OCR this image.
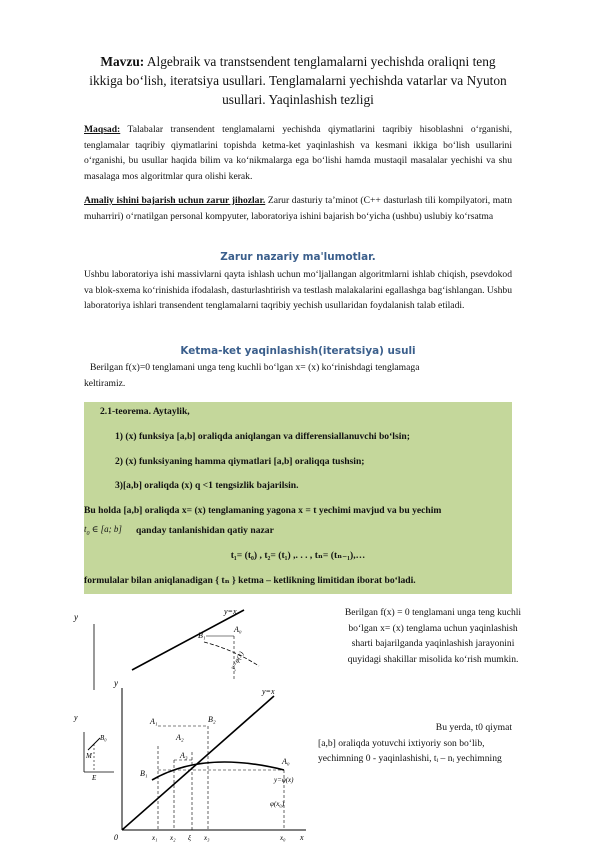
Mavzu: Algebraik va transtsendent tenglamalarni yechishda oraliqni teng ikkiga bo‘lish, iteratsiya usullari. Tenglamalarni yechishda vatarlar va Nyuton usullari. Yaqinlashish tezligi
Maqsad: Talabalar transendent tenglamalarni yechishda qiymatlarini taqribiy hisoblashni o‘rganishi, tenglamalar taqribiy qiymatlarini topishda ketma-ket yaqinlashish va kesmani ikkiga bo‘lish usullarini o‘rganishi, bu usullar haqida bilim va ko‘nikmalarga ega bo‘lishi hamda mustaqil masalalar yechishi va shu masalaga mos algoritmlar qura olishi kerak.
Amaliy ishini bajarish uchun zarur jihozlar. Zarur dasturiy ta’minot (C++ dasturlash tili kompilyatori, matn muharriri) o‘rnatilgan personal kompyuter, laboratoriya ishini bajarish bo‘yicha (ushbu) uslubiy ko‘rsatma
Zarur nazariy ma'lumotlar.
Ushbu laboratoriya ishi massivlarni qayta ishlash uchun mo‘ljallangan algoritmlarni ishlab chiqish, psevdokod va blok-sxema ko‘rinishida ifodalash, dasturlashtirish va testlash malakalarini egallashga bag‘ishlangan. Ushbu laboratoriya ishlari transendent tenglamalarni taqribiy yechish usullaridan foydalanish talab etiladi.
Ketma-ket yaqinlashish(iteratsiya) usuli
Berilgan f(x)=0 tenglamani unga teng kuchli bo‘lgan x= (x) ko‘rinishdagi tenglamaga
keltiramiz.
2.1-teorema. Aytaylik,
1) (x) funksiya [a,b] oraliqda aniqlangan va differensiallanuvchi bo‘lsin;
2) (x) funksiyaning hamma qiymatlari [a,b] oraliqqa tushsin;
3)[a,b] oraliqda (x) q <1 tengsizlik bajarilsin.
Bu holda [a,b] oraliqda x= (x) tenglamaning yagona x = t yechimi mavjud va bu yechim
$t_0$ ∈ [a; b] qanday tanlanishidan qatiy nazar
t₁= (t₀) , t₂= (t₁) ,. . . , tₙ= (tₙ₋₁),…
formulalar bilan aniqlanadigan { tₙ } ketma – ketlikning limitidan iborat bo‘ladi.
y
y=x
B₁
A₀
y=φ(x)
y
B₀
M
E
y
y=x
A₁	B₂
A₂
A₃
B₁
A₀
y=φ(x)
φ(x₀)
0	x₁ x₂ ξ x₃	x₀ x
Berilgan f(x) = 0 tenglamani unga teng kuchli
bo‘lgan x= (x) tenglama uchun yaqinlashish
sharti bajarilganda yaqinlashish jarayonini
quyidagi shakillar misolida ko‘rish mumkin.
Bu yerda, t0 qiymat
[a,b] oraliqda yotuvchi ixtiyoriy son bo‘lib,
yechimning 0 - yaqinlashishi, tᵢ – nᵢ yechimning
